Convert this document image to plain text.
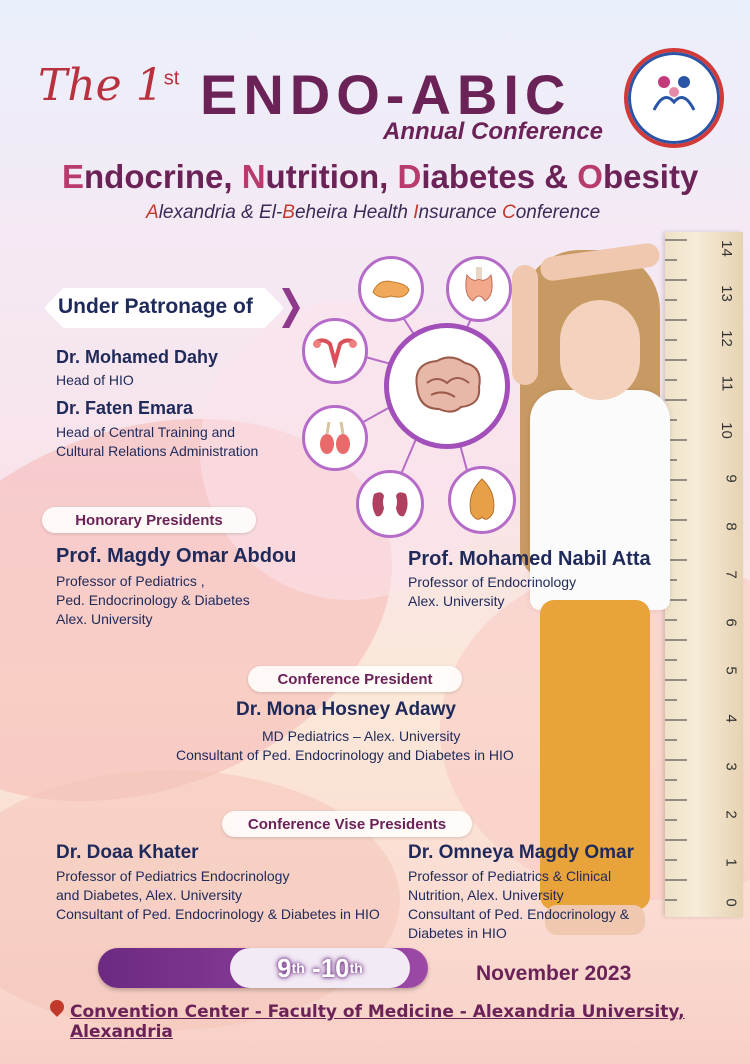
The 1st ENDO-ABIC
Annual Conference
Endocrine, Nutrition, Diabetes & Obesity
Alexandria & El-Beheira Health Insurance Conference
14
13
12
11
10
9
8
7
6
5
4
3
2
1
0
Under Patronage of
Dr. Mohamed Dahy
Head of HIO
Dr. Faten Emara
Head of Central Training and
Cultural Relations Administration
Honorary Presidents
Prof. Magdy Omar Abdou
Professor of Pediatrics ,
Ped. Endocrinology & Diabetes
Alex. University
Prof. Mohamed Nabil Atta
Professor of Endocrinology
Alex. University
Conference President
Dr. Mona Hosney Adawy
MD Pediatrics – Alex. University
Consultant of Ped. Endocrinology and Diabetes in HIO
Conference Vise Presidents
Dr. Doaa Khater
Professor of Pediatrics Endocrinology
and Diabetes, Alex. University
Consultant of Ped. Endocrinology & Diabetes in HIO
Dr. Omneya Magdy Omar
Professor of Pediatrics & Clinical
Nutrition, Alex. University
Consultant of Ped. Endocrinology &
Diabetes in HIO
9 th
- 10 th	November 2023
Convention Center - Faculty of Medicine - Alexandria University, Alexandria
